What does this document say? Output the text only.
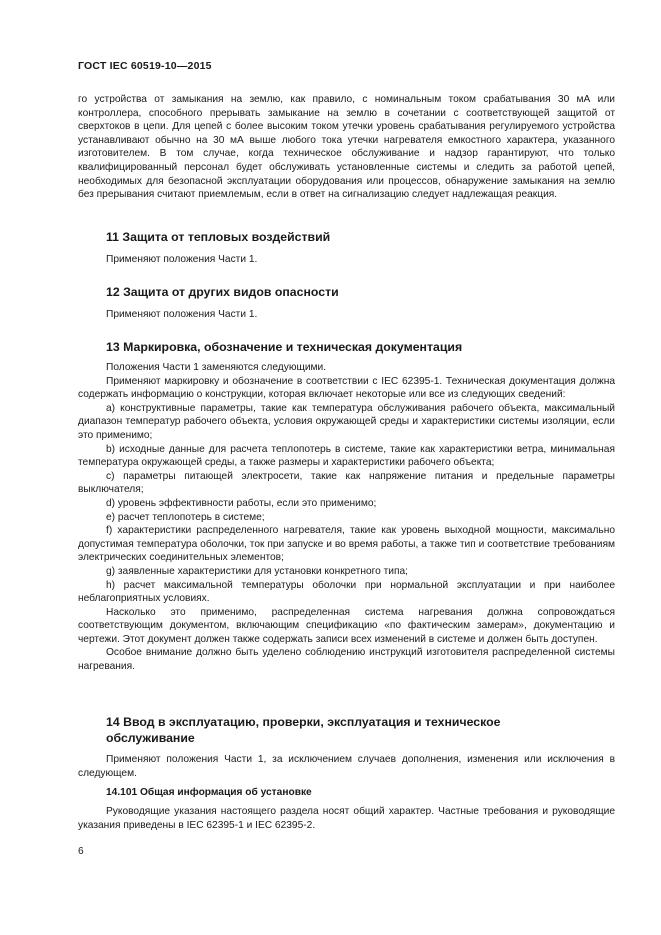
ГОСТ IEC 60519-10—2015

го устройства от замыкания на землю, как правило, с номинальным током срабатывания 30 мА или контроллера, способного прерывать замыкание на землю в сочетании с соответствующей защитой от сверхтоков в цепи. Для цепей с более высоким током утечки уровень срабатывания регулируемого устройства устанавливают обычно на 30 мА выше любого тока утечки нагревателя емкостного характера, указанного изготовителем. В том случае, когда техническое обслуживание и надзор гарантируют, что только квалифицированный персонал будет обслуживать установленные системы и следить за работой цепей, необходимых для безопасной эксплуатации оборудования или процессов, обнаружение замыкания на землю без прерывания считают приемлемым, если в ответ на сигнализацию следует надлежащая реакция.

11 Защита от тепловых воздействий

Применяют положения Части 1.

12 Защита от других видов опасности

Применяют положения Части 1.

13 Маркировка, обозначение и техническая документация

Положения Части 1 заменяются следующими.

Применяют маркировку и обозначение в соответствии с IEC 62395-1. Техническая документация должна содержать информацию о конструкции, которая включает некоторые или все из следующих сведений:

a) конструктивные параметры, такие как температура обслуживания рабочего объекта, максимальный диапазон температур рабочего объекта, условия окружающей среды и характеристики системы изоляции, если это применимо;

b) исходные данные для расчета теплопотерь в системе, такие как характеристики ветра, минимальная температура окружающей среды, а также размеры и характеристики рабочего объекта;

c) параметры питающей электросети, такие как напряжение питания и предельные параметры выключателя;

d) уровень эффективности работы, если это применимо;

e) расчет теплопотерь в системе;

f) характеристики распределенного нагревателя, такие как уровень выходной мощности, максимально допустимая температура оболочки, ток при запуске и во время работы, а также тип и соответствие требованиям электрических соединительных элементов;

g) заявленные характеристики для установки конкретного типа;

h) расчет максимальной температуры оболочки при нормальной эксплуатации и при наиболее неблагоприятных условиях.

Насколько это применимо, распределенная система нагревания должна сопровождаться соответствующим документом, включающим спецификацию «по фактическим замерам», документацию и чертежи. Этот документ должен также содержать записи всех изменений в системе и должен быть доступен.

Особое внимание должно быть уделено соблюдению инструкций изготовителя распределенной системы нагревания.

14 Ввод в эксплуатацию, проверки, эксплуатация и техническое
обслуживание

Применяют положения Части 1, за исключением случаев дополнения, изменения или исключения в следующем.

14.101 Общая информация об установке

Руководящие указания настоящего раздела носят общий характер. Частные требования и руководящие указания приведены в IEC 62395-1 и IEC 62395-2.

6
